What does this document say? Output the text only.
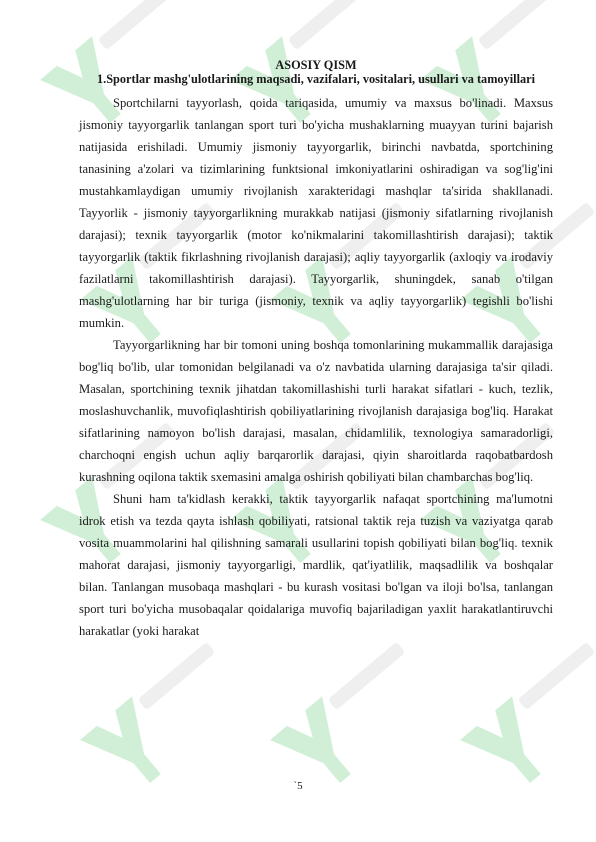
ASOSIY QISM

1.Sportlar mashg'ulotlarining maqsadi, vazifalari, vositalari, usullari va tamoyillari

Sportchilarni tayyorlash, qoida tariqasida, umumiy va maxsus bo'linadi. Maxsus jismoniy tayyorgarlik tanlangan sport turi bo'yicha mushaklarning muayyan turini bajarish natijasida erishiladi. Umumiy jismoniy tayyorgarlik, birinchi navbatda, sportchining tanasining a'zolari va tizimlarining funktsional imkoniyatlarini oshiradigan va sog'lig'ini mustahkamlaydigan umumiy rivojlanish xarakteridagi mashqlar ta'sirida shakllanadi. Tayyorlik - jismoniy tayyorgarlikning murakkab natijasi (jismoniy sifatlarning rivojlanish darajasi); texnik tayyorgarlik (motor ko'nikmalarini takomillashtirish darajasi); taktik tayyorgarlik (taktik fikrlashning rivojlanish darajasi); aqliy tayyorgarlik (axloqiy va irodaviy fazilatlarni takomillashtirish darajasi). Tayyorgarlik, shuningdek, sanab o'tilgan mashg'ulotlarning har bir turiga (jismoniy, texnik va aqliy tayyorgarlik) tegishli bo'lishi mumkin.

Tayyorgarlikning har bir tomoni uning boshqa tomonlarining mukammallik darajasiga bog'liq bo'lib, ular tomonidan belgilanadi va o'z navbatida ularning darajasiga ta'sir qiladi. Masalan, sportchining texnik jihatdan takomillashishi turli harakat sifatlari - kuch, tezlik, moslashuvchanlik, muvofiqlashtirish qobiliyatlarining rivojlanish darajasiga bog'liq. Harakat sifatlarining namoyon bo'lish darajasi, masalan, chidamlilik, texnologiya samaradorligi, charchoqni engish uchun aqliy barqarorlik darajasi, qiyin sharoitlarda raqobatbardosh kurashning oqilona taktik sxemasini amalga oshirish qobiliyati bilan chambarchas bog'liq.

Shuni ham ta'kidlash kerakki, taktik tayyorgarlik nafaqat sportchining ma'lumotni idrok etish va tezda qayta ishlash qobiliyati, ratsional taktik reja tuzish va vaziyatga qarab vosita muammolarini hal qilishning samarali usullarini topish qobiliyati bilan bog'liq. texnik mahorat darajasi, jismoniy tayyorgarligi, mardlik, qat'iyatlilik, maqsadlilik va boshqalar bilan. Tanlangan musobaqa mashqlari - bu kurash vositasi bo'lgan va iloji bo'lsa, tanlangan sport turi bo'yicha musobaqalar qoidalariga muvofiq bajariladigan yaxlit harakatlantiruvchi harakatlar (yoki harakat

`5
